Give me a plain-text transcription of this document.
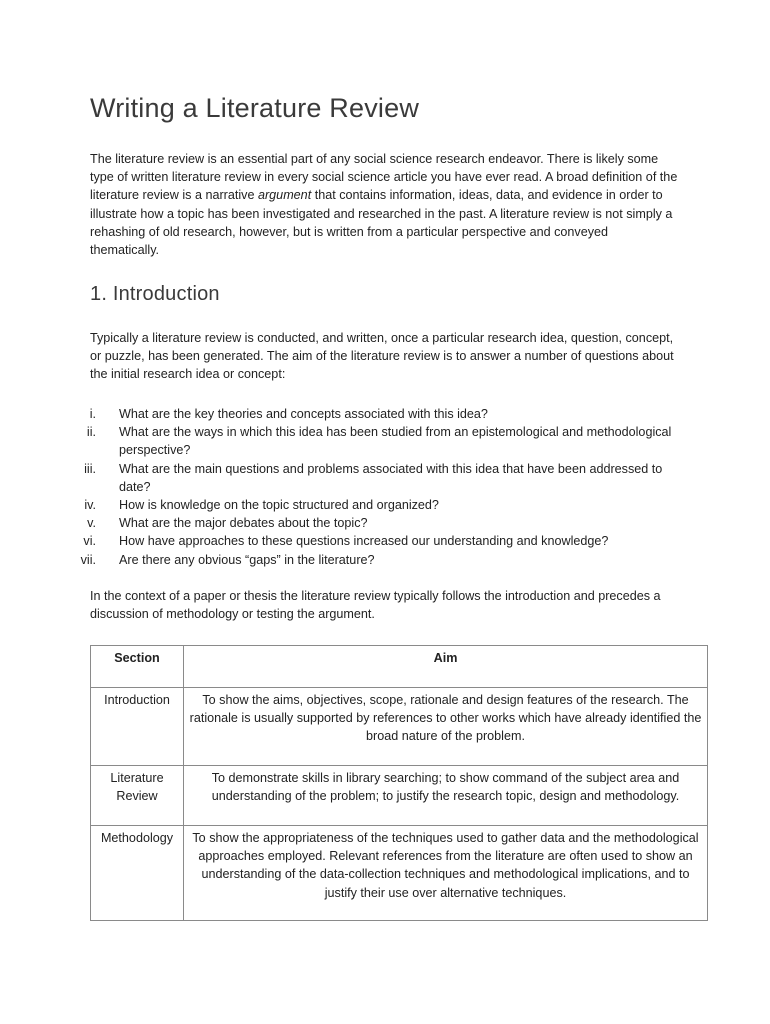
Writing a Literature Review

The literature review is an essential part of any social science research endeavor. There is likely some type of written literature review in every social science article you have ever read. A broad definition of the literature review is a narrative argument that contains information, ideas, data, and evidence in order to illustrate how a topic has been investigated and researched in the past. A literature review is not simply a rehashing of old research, however, but is written from a particular perspective and conveyed thematically.

1. Introduction

Typically a literature review is conducted, and written, once a particular research idea, question, concept, or puzzle, has been generated. The aim of the literature review is to answer a number of questions about the initial research idea or concept:

i. What are the key theories and concepts associated with this idea?
ii. What are the ways in which this idea has been studied from an epistemological and methodological perspective?
iii. What are the main questions and problems associated with this idea that have been addressed to date?
iv. How is knowledge on the topic structured and organized?
v. What are the major debates about the topic?
vi. How have approaches to these questions increased our understanding and knowledge?
vii. Are there any obvious “gaps” in the literature?

In the context of a paper or thesis the literature review typically follows the introduction and precedes a discussion of methodology or testing the argument.

Section	Aim
Introduction	To show the aims, objectives, scope, rationale and design features of the research. The rationale is usually supported by references to other works which have already identified the broad nature of the problem.
Literature Review	To demonstrate skills in library searching; to show command of the subject area and understanding of the problem; to justify the research topic, design and methodology.
Methodology	To show the appropriateness of the techniques used to gather data and the methodological approaches employed. Relevant references from the literature are often used to show an understanding of the data-collection techniques and methodological implications, and to justify their use over alternative techniques.
